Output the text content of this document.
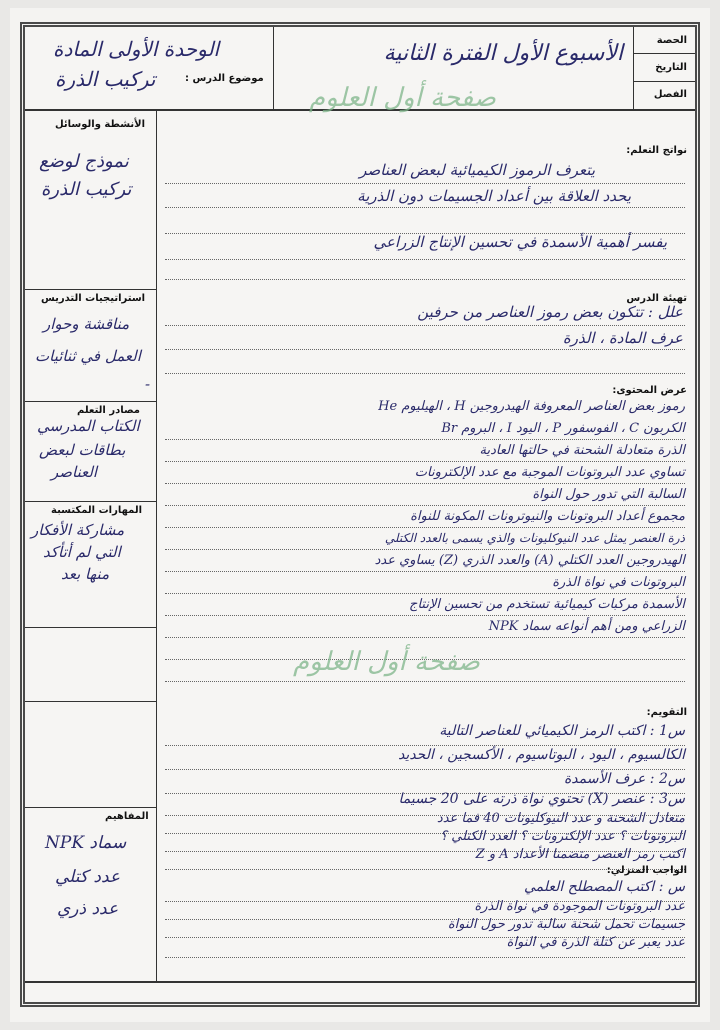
الحصة
التاريخ
الفصل
الأسبوع الأول الفترة الثانية
الوحدة الأولى المادة
موضوع الدرس :
تركيب الذرة
صفحة أول العلوم
الأنشطة والوسائل
نموذج لوضع
تركيب الذرة
استراتيجيات التدريس
مناقشة وحوار
العمل في ثنائيات
-
مصادر التعلم
الكتاب المدرسي
بطاقات لبعض
العناصر
المهارات المكتسبة
مشاركة الأفكار
التي لم أتأكد
منها بعد
المفاهيم
سماد NPK
عدد كتلي
عدد ذري
نواتج التعلم:
يتعرف الرموز الكيميائية لبعض العناصر
يحدد العلاقة بين أعداد الجسيمات دون الذرية
يفسر أهمية الأسمدة في تحسين الإنتاج الزراعي
تهيئة الدرس
علل : تتكون بعض رموز العناصر من حرفين
عرف المادة ، الذرة
عرض المحتوى:
رموز بعض العناصر المعروفة الهيدروجين H ، الهيليوم He
الكربون C ، الفوسفور P ، اليود I ، البروم Br
الذرة متعادلة الشحنة في حالتها العادية
تساوي عدد البروتونات الموجبة مع عدد الإلكترونات
السالبة التي تدور حول النواة
مجموع أعداد البروتونات والنيوترونات المكونة للنواة
ذرة العنصر يمثل عدد النيوكليونات والذي يسمى بالعدد الكتلي
الهيدروجين العدد الكتلي (A) والعدد الذري (Z) يساوي عدد
البروتونات في نواة الذرة
الأسمدة مركبات كيميائية تستخدم من تحسين الإنتاج
الزراعي ومن أهم أنواعه سماد NPK
صفحة أول العلوم
التقويم:
س1 : اكتب الرمز الكيميائي للعناصر التالية
الكالسيوم ، اليود ، البوتاسيوم ، الأكسجين ، الحديد
س2 : عرف الأسمدة
س3 : عنصر (X) تحتوي نواة ذرته على 20 جسيما
متعادل الشحنة و عدد النيوكليونات 40 فما عدد
البروتونات ؟ عدد الإلكترونات ؟ العدد الكتلي ؟
اكتب رمز العنصر متضمنا الأعداد A و Z
الواجب المنزلي:
س : اكتب المصطلح العلمي
عدد البروتونات الموجودة في نواة الذرة
جسيمات تحمل شحنة سالبة تدور حول النواة
عدد يعبر عن كتلة الذرة في النواة
